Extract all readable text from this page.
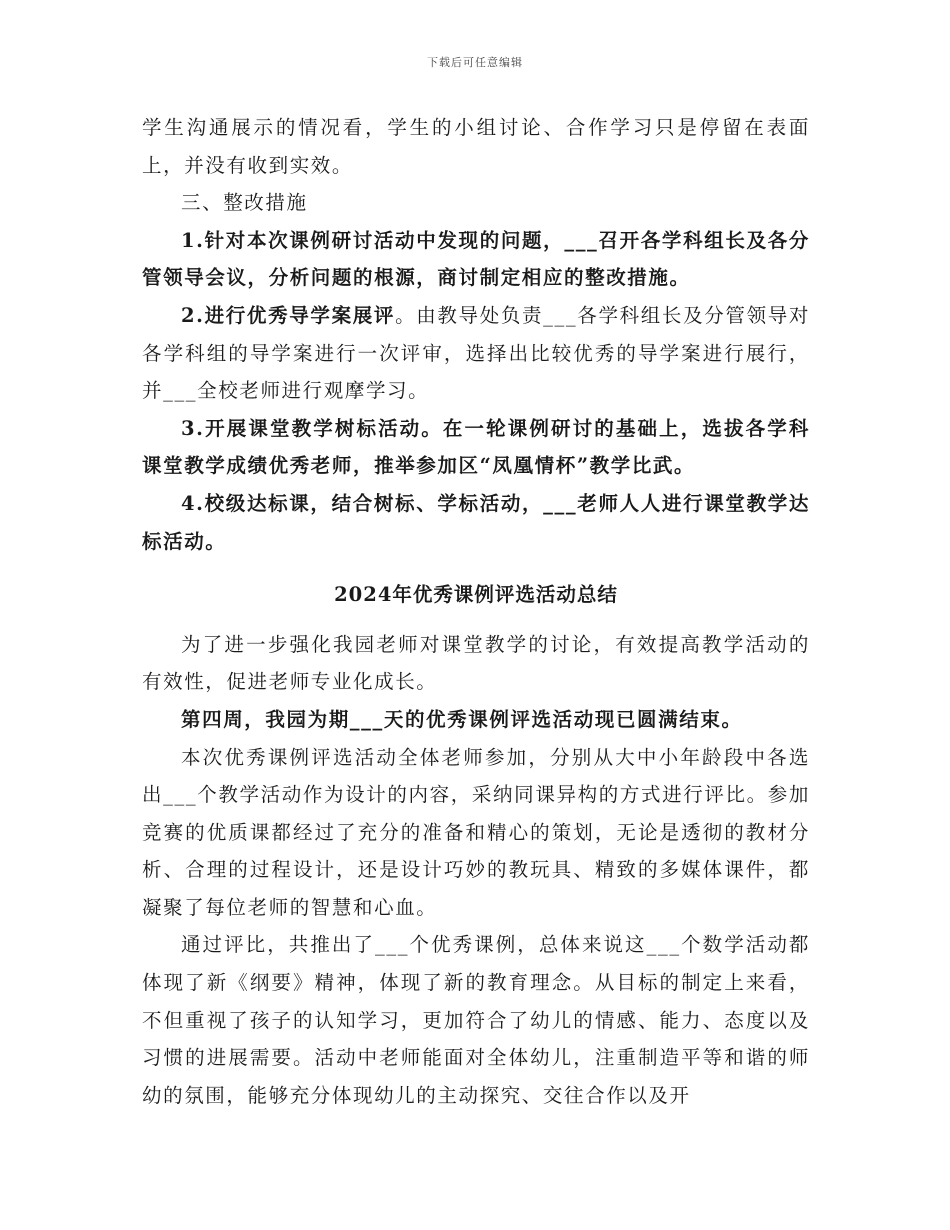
下载后可任意编辑

学生沟通展示的情况看，学生的小组讨论、合作学习只是停留在表面上，并没有收到实效。

三、整改措施

1.针对本次课例研讨活动中发现的问题，___召开各学科组长及各分管领导会议，分析问题的根源，商讨制定相应的整改措施。

2.进行优秀导学案展评。由教导处负责___各学科组长及分管领导对各学科组的导学案进行一次评审，选择出比较优秀的导学案进行展行，并___全校老师进行观摩学习。

3.开展课堂教学树标活动。在一轮课例研讨的基础上，选拔各学科课堂教学成绩优秀老师，推举参加区“凤凰情杯”教学比武。

4.校级达标课，结合树标、学标活动，___老师人人进行课堂教学达标活动。

2024年优秀课例评选活动总结

为了进一步强化我园老师对课堂教学的讨论，有效提高教学活动的有效性，促进老师专业化成长。

第四周，我园为期___天的优秀课例评选活动现已圆满结束。

本次优秀课例评选活动全体老师参加，分别从大中小年龄段中各选出___个教学活动作为设计的内容，采纳同课异构的方式进行评比。参加竞赛的优质课都经过了充分的准备和精心的策划，无论是透彻的教材分析、合理的过程设计，还是设计巧妙的教玩具、精致的多媒体课件，都凝聚了每位老师的智慧和心血。

通过评比，共推出了___个优秀课例，总体来说这___个数学活动都体现了新《纲要》精神，体现了新的教育理念。从目标的制定上来看，不但重视了孩子的认知学习，更加符合了幼儿的情感、能力、态度以及习惯的进展需要。活动中老师能面对全体幼儿，注重制造平等和谐的师幼的氛围，能够充分体现幼儿的主动探究、交往合作以及开
